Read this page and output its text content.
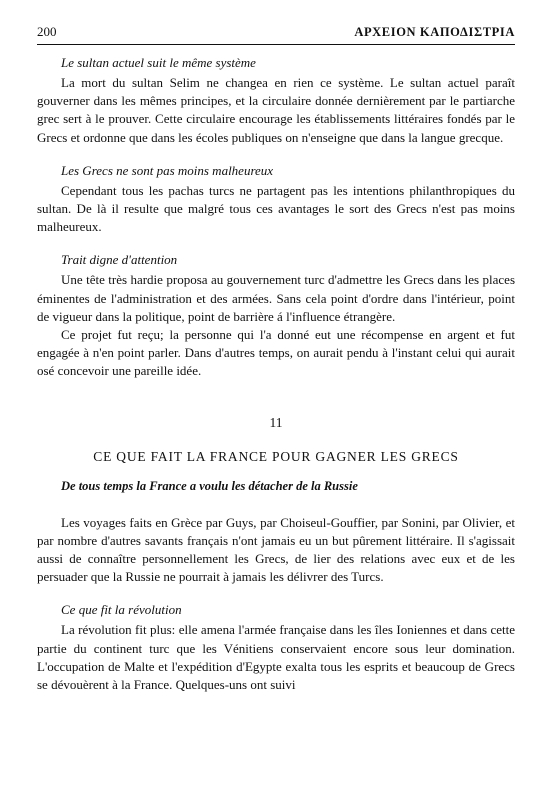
200	ΑΡΧΕΙΟΝ ΚΑΠΟΔΙΣΤΡΙΑ
Le sultan actuel suit le même système

La mort du sultan Selim ne changea en rien ce système. Le sultan actuel paraît gouverner dans les mêmes principes, et la circulaire donnée dernièrement par le partiarche grec sert à le prouver. Cette circulaire encourage les établissements littéraires fondés par le Grecs et ordonne que dans les écoles publiques on n'enseigne que dans la langue grecque.

Les Grecs ne sont pas moins malheureux

Cependant tous les pachas turcs ne partagent pas les intentions philanthropiques du sultan. De là il resulte que malgré tous ces avantages le sort des Grecs n'est pas moins malheureux.

Trait digne d'attention

Une tête très hardie proposa au gouvernement turc d'admettre les Grecs dans les places éminentes de l'administration et des armées. Sans cela point d'ordre dans l'intérieur, point de vigueur dans la politique, point de barrière á l'influence étrangère.

Ce projet fut reçu; la personne qui l'a donné eut une récompense en argent et fut engagée à n'en point parler. Dans d'autres temps, on aurait pendu à l'instant celui qui aurait osé concevoir une pareille idée.

11
CE QUE FAIT LA FRANCE POUR GAGNER LES GRECS
De tous temps la France a voulu les détacher de la Russie

Les voyages faits en Grèce par Guys, par Choiseul-Gouffier, par Sonini, par Olivier, et par nombre d'autres savants français n'ont jamais eu un but pûrement littéraire. Il s'agissait aussi de connaître personnellement les Grecs, de lier des relations avec eux et de les persuader que la Russie ne pourrait à jamais les délivrer des Turcs.

Ce que fit la révolution

La révolution fit plus: elle amena l'armée française dans les îles Ioniennes et dans cette partie du continent turc que les Vénitiens conservaient encore sous leur domination. L'occupation de Malte et l'expédition d'Egypte exalta tous les esprits et beaucoup de Grecs se dévouèrent à la France. Quelques-uns ont suivi
